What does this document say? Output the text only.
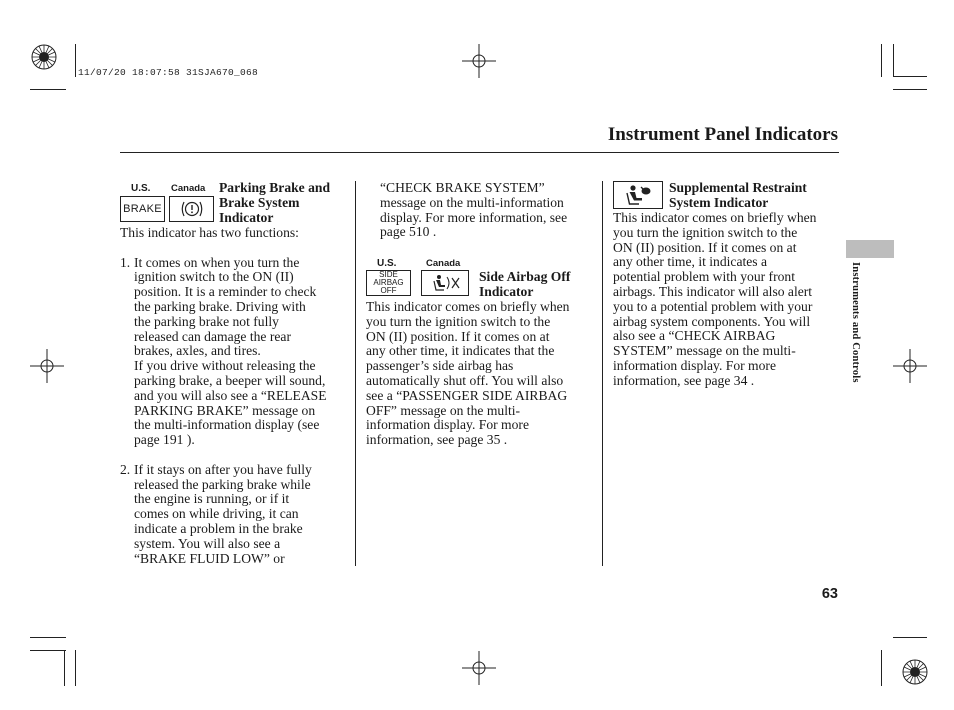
11/07/20 18:07:58 31SJA670_068
Instrument Panel Indicators
U.S. Canada
BRAKE
Parking Brake and
Brake System
Indicator

This indicator has two functions:

1. It comes on when you turn the
ignition switch to the ON (II)
position. It is a reminder to check
the parking brake. Driving with
the parking brake not fully
released can damage the rear
brakes, axles, and tires.
If you drive without releasing the
parking brake, a beeper will sound,
and you will also see a “RELEASE
PARKING BRAKE” message on
the multi-information display (see
page 191 ).
2. If it stays on after you have fully
released the parking brake while
the engine is running, or if it
comes on while driving, it can
indicate a problem in the brake
system. You will also see a
“BRAKE FLUID LOW” or
“CHECK BRAKE SYSTEM”
message on the multi-information
display. For more information, see
page 510 .
U.S.	Canada
SIDE
AIRBAG
OFF
Side Airbag Off
Indicator
This indicator comes on briefly when
you turn the ignition switch to the
ON (II) position. If it comes on at
any other time, it indicates that the
passenger’s side airbag has
automatically shut off. You will also
see a “PASSENGER SIDE AIRBAG
OFF” message on the multi-
information display. For more
information, see page 35 .
Supplemental Restraint
System Indicator
This indicator comes on briefly when
you turn the ignition switch to the
ON (II) position. If it comes on at
any other time, it indicates a
potential problem with your front
airbags. This indicator will also alert
you to a potential problem with your
airbag system components. You will
also see a “CHECK AIRBAG
SYSTEM” message on the multi-
information display. For more
information, see page 34 .	Instruments and Controls
63
